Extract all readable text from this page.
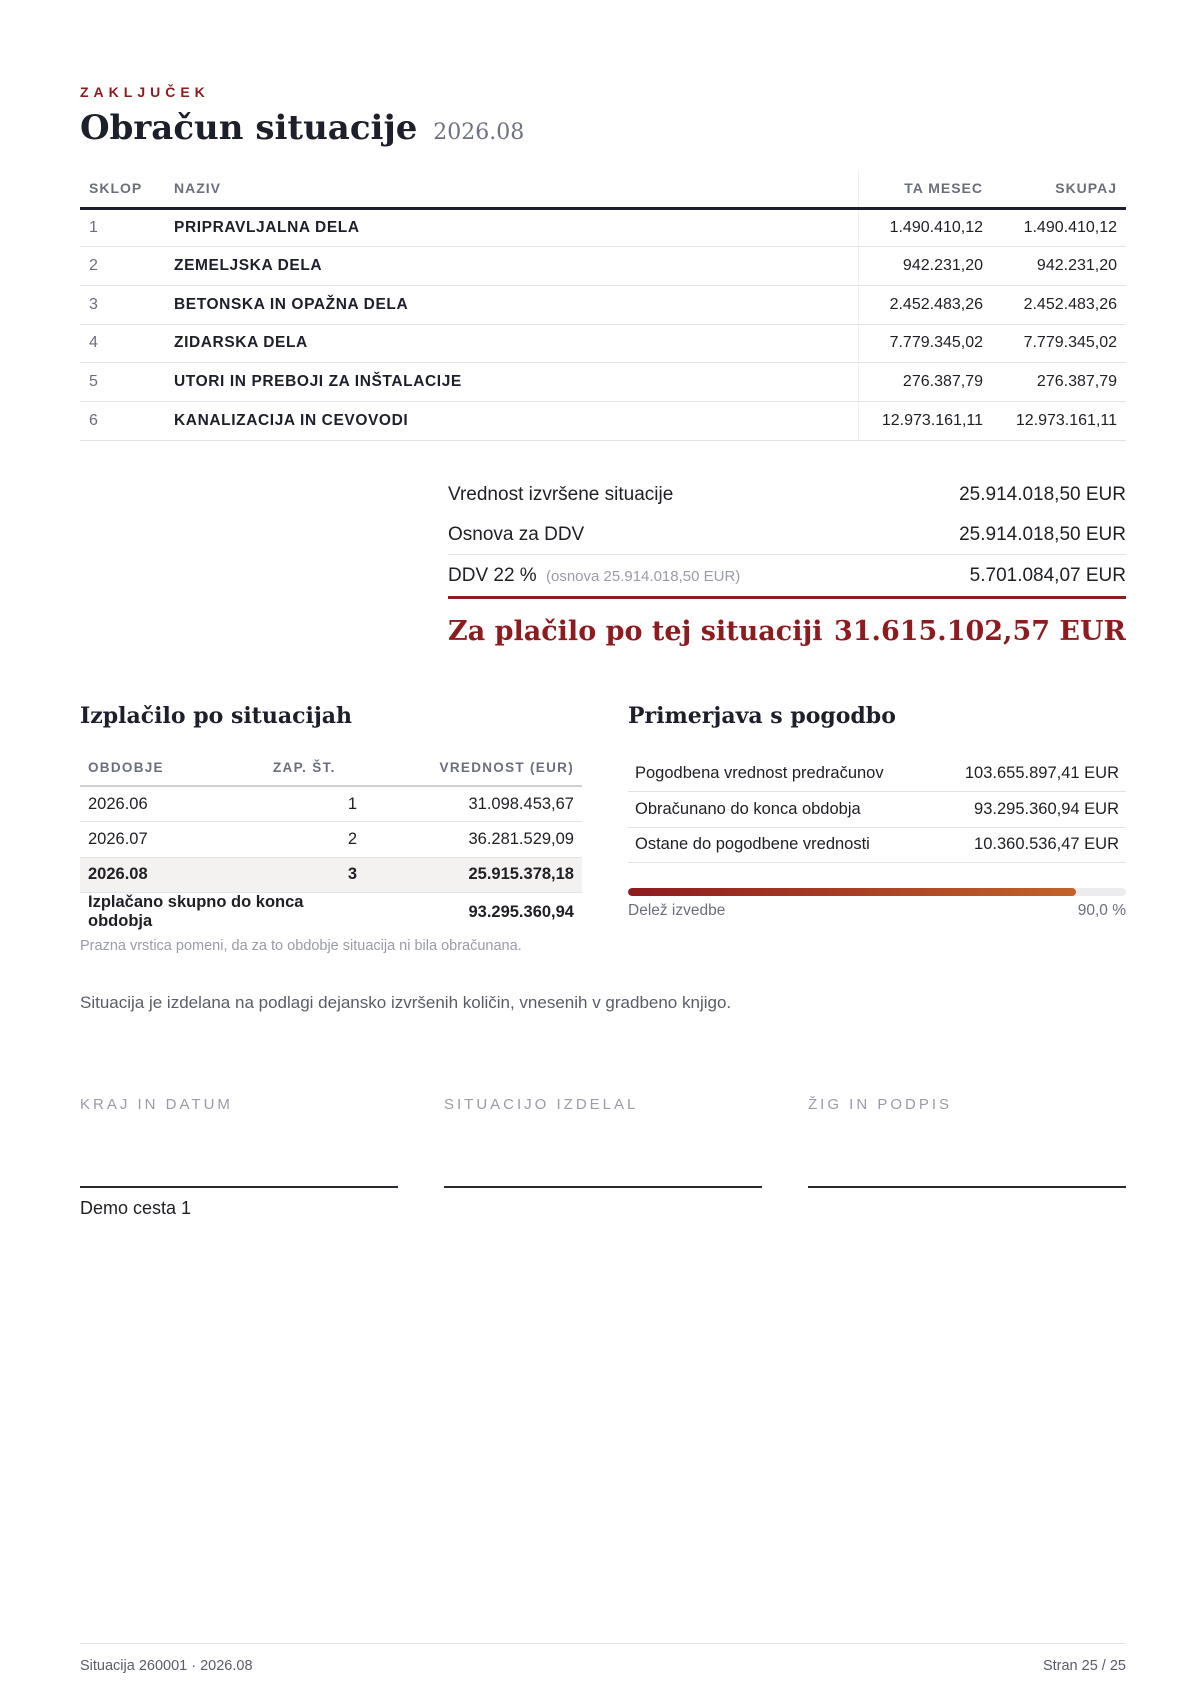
ZAKLJUČEK
Obračun situacije 2026.08
SKLOP	NAZIV	TA MESEC	SKUPAJ
1	PRIPRAVLJALNA DELA	1.490.410,12	1.490.410,12
2	ZEMELJSKA DELA	942.231,20	942.231,20
3	BETONSKA IN OPAŽNA DELA	2.452.483,26	2.452.483,26
4	ZIDARSKA DELA	7.779.345,02	7.779.345,02
5	UTORI IN PREBOJI ZA INŠTALACIJE	276.387,79	276.387,79
6	KANALIZACIJA IN CEVOVODI	12.973.161,11	12.973.161,11
Vrednost izvršene situacije	25.914.018,50 EUR
Osnova za DDV	25.914.018,50 EUR
DDV 22 % (osnova 25.914.018,50 EUR)	5.701.084,07 EUR
Za plačilo po tej situaciji 31.615.102,57 EUR
Izplačilo po situacijah
OBDOBJE	ZAP. ŠT.	VREDNOST (EUR)
2026.06	1	31.098.453,67
2026.07	2	36.281.529,09
2026.08	3	25.915.378,18
Izplačano skupno do konca obdobja		93.295.360,94
Prazna vrstica pomeni, da za to obdobje situacija ni bila obračunana.
Primerjava s pogodbo
Pogodbena vrednost predračunov	103.655.897,41 EUR
Obračunano do konca obdobja	93.295.360,94 EUR
Ostane do pogodbene vrednosti	10.360.536,47 EUR
Delež izvedbe	90,0 %
Situacija je izdelana na podlagi dejansko izvršenih količin, vnesenih v gradbeno knjigo.
KRAJ IN DATUM
Demo cesta 1
SITUACIJO IZDELAL	ŽIG IN PODPIS
Situacija 260001 · 2026.08	Stran 25 / 25
